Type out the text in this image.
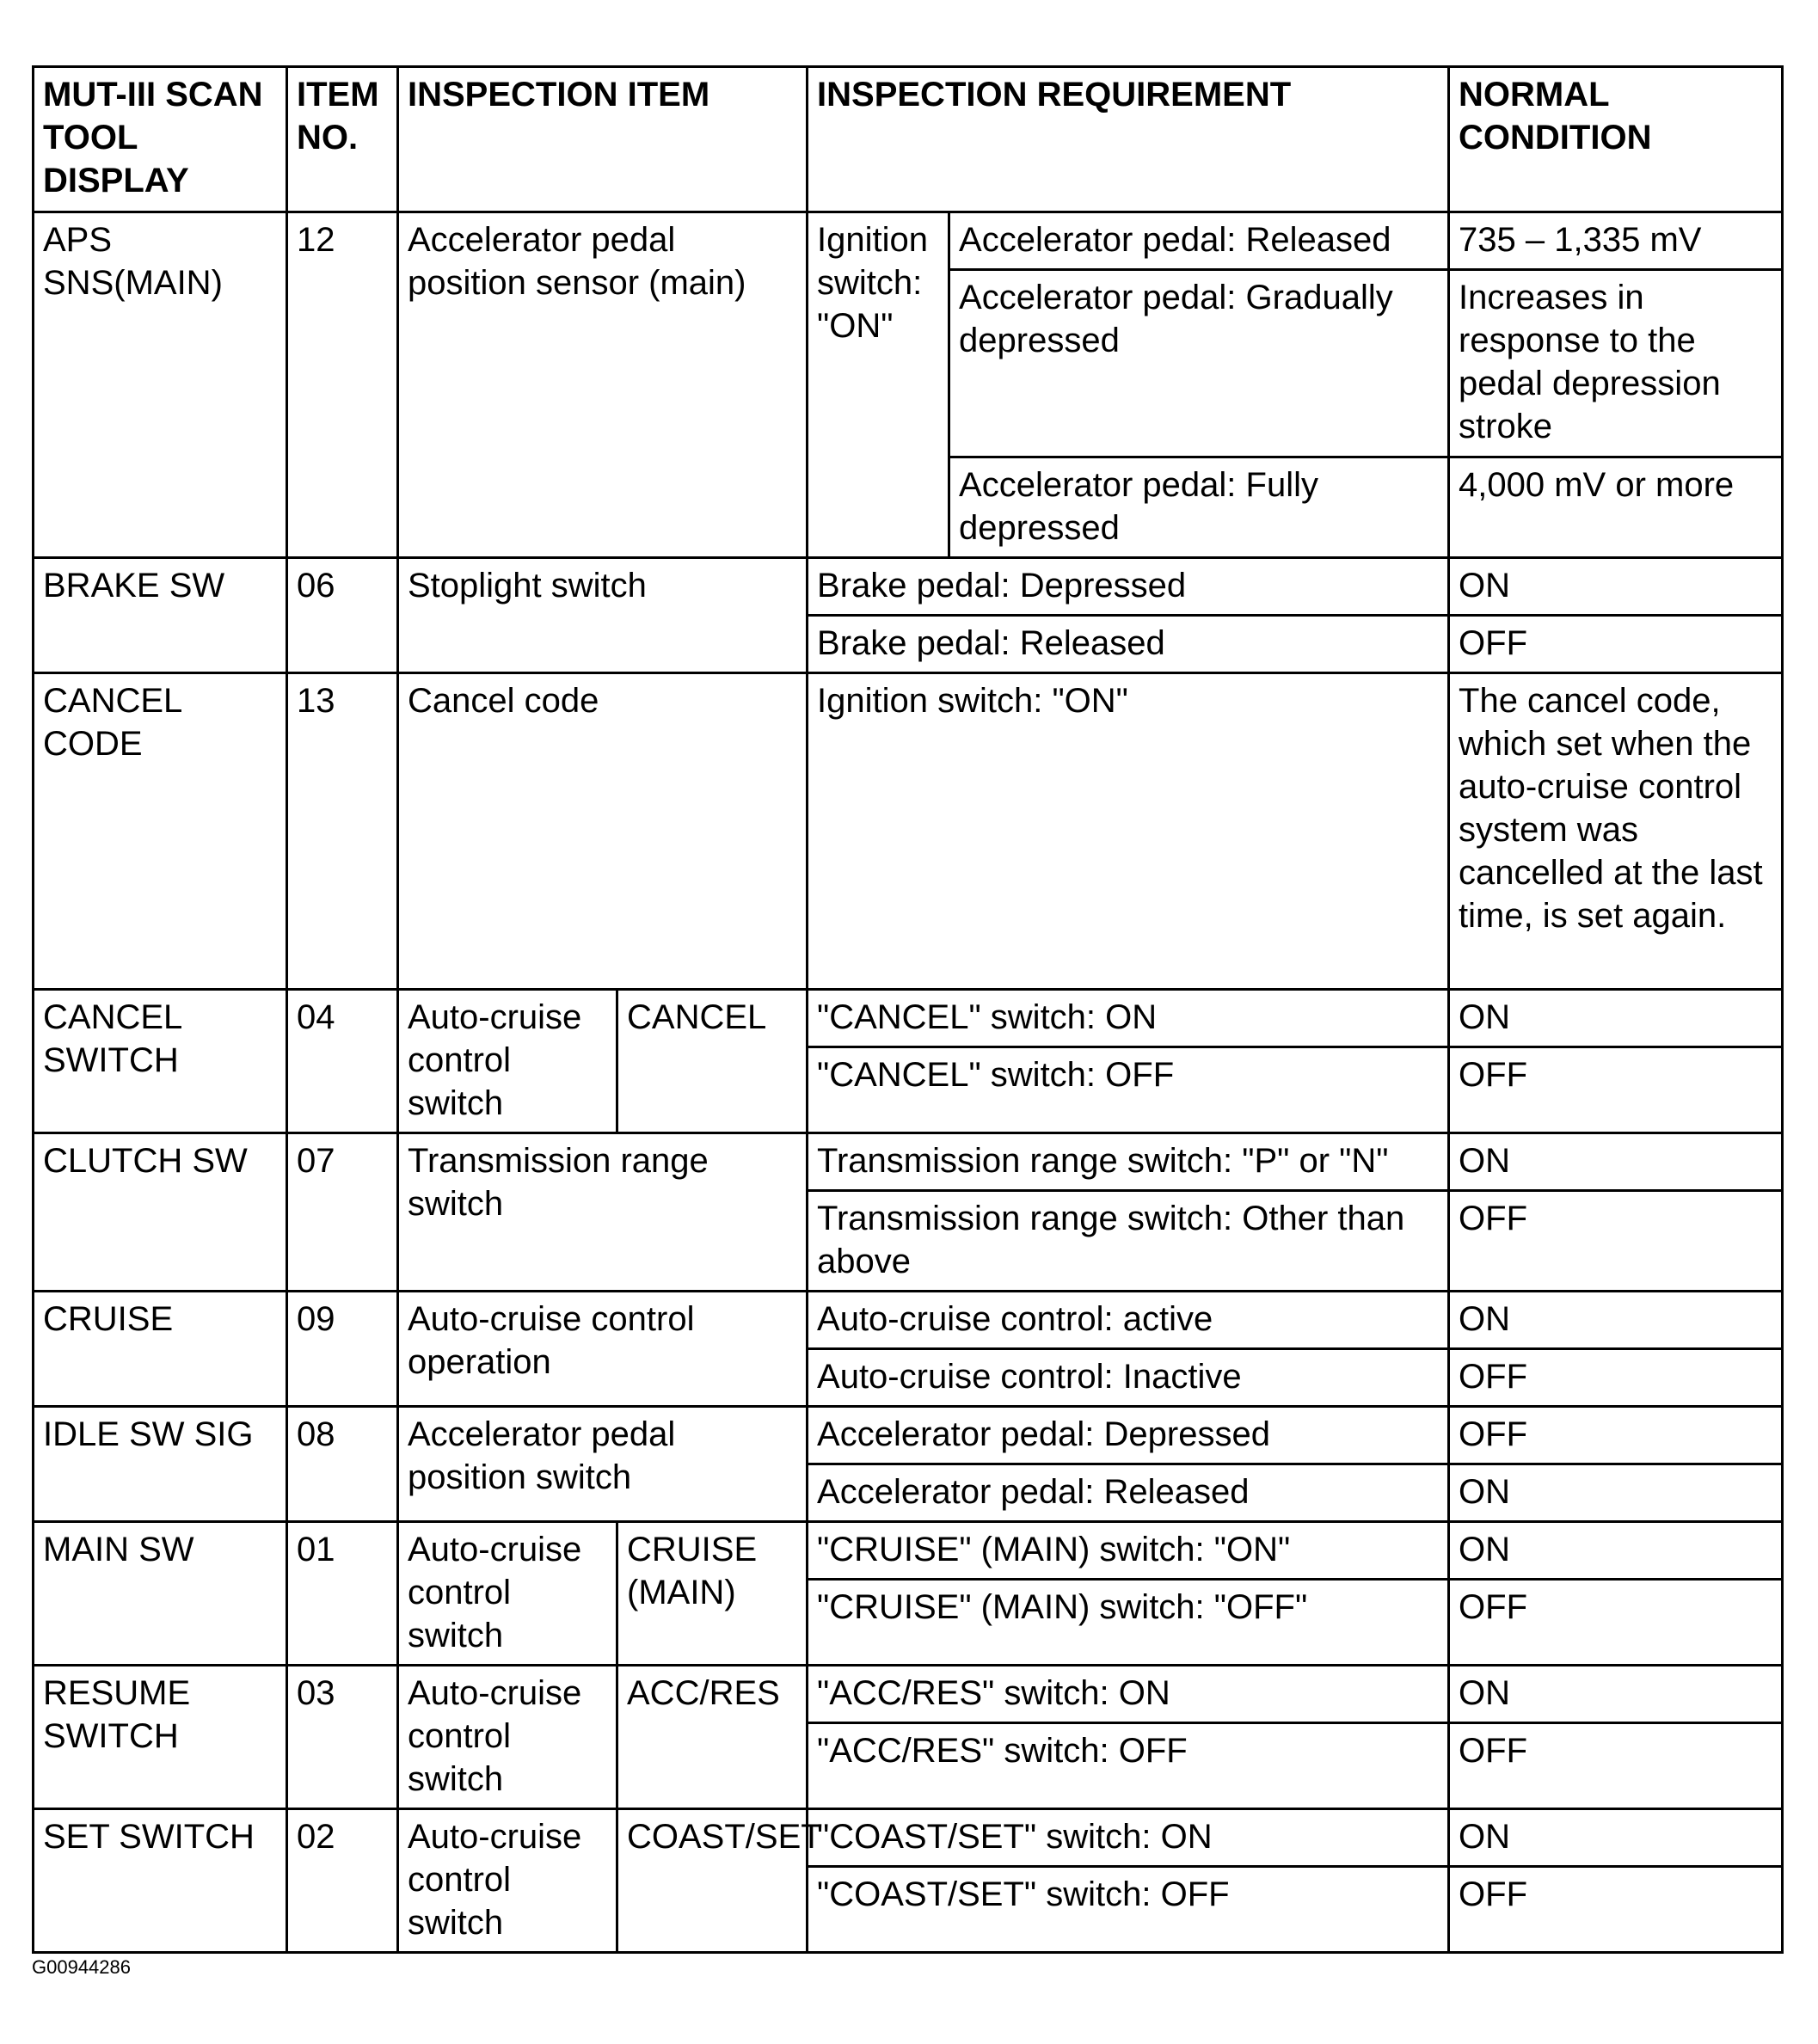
MUT-III SCAN TOOL DISPLAY	ITEM NO.	INSPECTION ITEM		INSPECTION REQUIREMENT		NORMAL CONDITION
APS SNS(MAIN)	12	Accelerator pedal position sensor (main)		Ignition switch: "ON"	Accelerator pedal: Released	735 – 1,335 mV
					Accelerator pedal: Gradually depressed	Increases in response to the pedal depression stroke
					Accelerator pedal: Fully depressed	4,000 mV or more
BRAKE SW	06	Stoplight switch		Brake pedal: Depressed		ON
				Brake pedal: Released		OFF
CANCEL CODE	13	Cancel code		Ignition switch: "ON"		The cancel code, which set when the auto-cruise control system was cancelled at the last time, is set again.
CANCEL SWITCH	04	Auto-cruise control switch	CANCEL	"CANCEL" switch: ON		ON
				"CANCEL" switch: OFF		OFF
CLUTCH SW	07	Transmission range switch		Transmission range switch: "P" or "N"		ON
				Transmission range switch: Other than above		OFF
CRUISE	09	Auto-cruise control operation		Auto-cruise control: active		ON
				Auto-cruise control: Inactive		OFF
IDLE SW SIG	08	Accelerator pedal position switch		Accelerator pedal: Depressed		OFF
				Accelerator pedal: Released		ON
MAIN SW	01	Auto-cruise control switch	CRUISE (MAIN)	"CRUISE" (MAIN) switch: "ON"		ON
				"CRUISE" (MAIN) switch: "OFF"		OFF
RESUME SWITCH	03	Auto-cruise control switch	ACC/RES	"ACC/RES" switch: ON		ON
				"ACC/RES" switch: OFF		OFF
SET SWITCH	02	Auto-cruise control switch	COAST/SET	"COAST/SET" switch: ON		ON
				"COAST/SET" switch: OFF		OFF
G00944286
